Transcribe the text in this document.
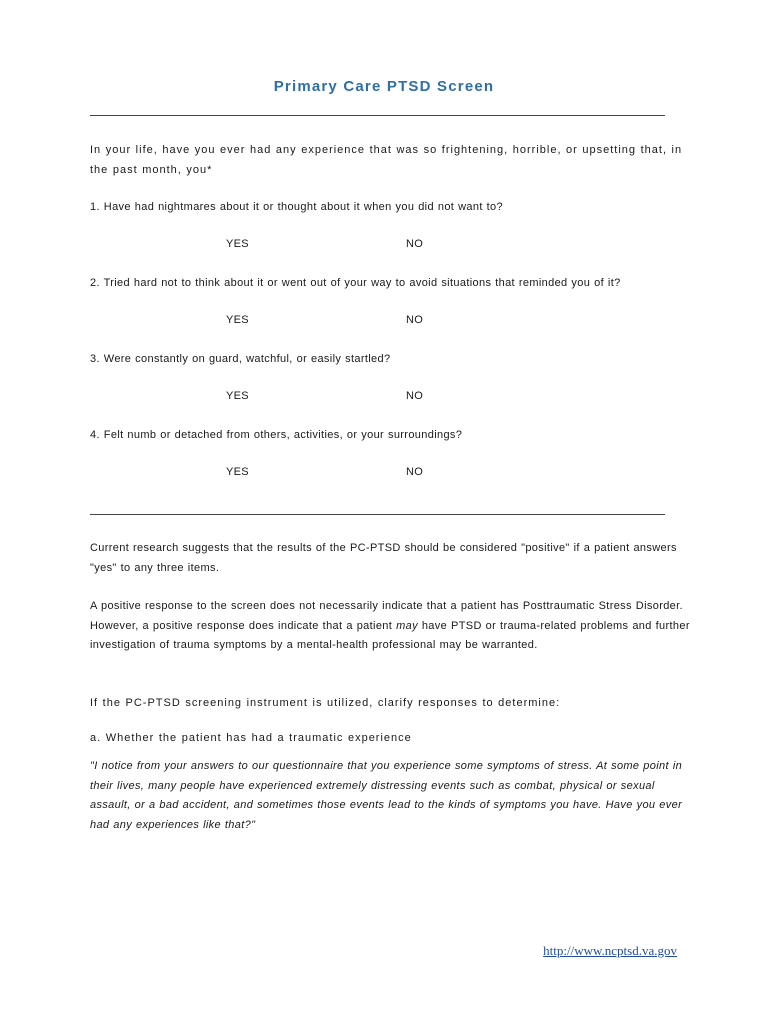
Primary Care PTSD Screen

In your life, have you ever had any experience that was so frightening, horrible, or upsetting that, in the past month, you*

1. Have had nightmares about it or thought about it when you did not want to?

YES	NO

2. Tried hard not to think about it or went out of your way to avoid situations that reminded you of it?

YES	NO

3. Were constantly on guard, watchful, or easily startled?

YES	NO

4. Felt numb or detached from others, activities, or your surroundings?

YES	NO

Current research suggests that the results of the PC-PTSD should be considered "positive" if a patient answers "yes" to any three items.

A positive response to the screen does not necessarily indicate that a patient has Posttraumatic Stress Disorder. However, a positive response does indicate that a patient may have PTSD or trauma-related problems and further investigation of trauma symptoms by a mental-health professional may be warranted.

If the PC-PTSD screening instrument is utilized, clarify responses to determine:

a. Whether the patient has had a traumatic experience

"I notice from your answers to our questionnaire that you experience some symptoms of stress. At some point in their lives, many people have experienced extremely distressing events such as combat, physical or sexual assault, or a bad accident, and sometimes those events lead to the kinds of symptoms you have. Have you ever had any experiences like that?"

http://www.ncptsd.va.gov
